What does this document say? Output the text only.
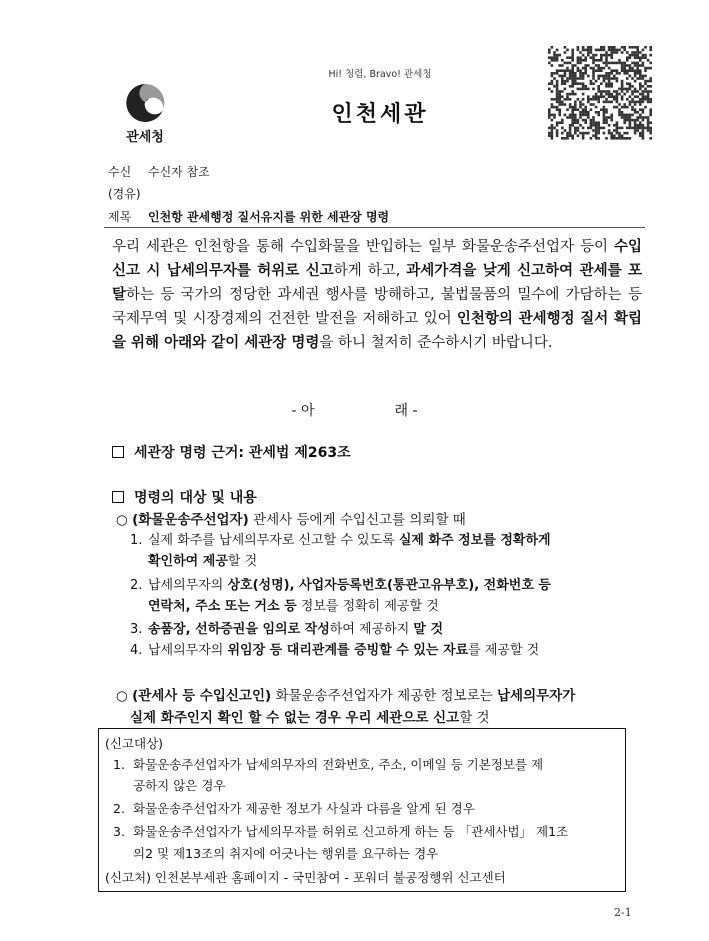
Hi! 청렴, Bravo! 관세청
인천세관
관세청
수신 수신자 참조
(경유)
제목 인천항 관세행정 질서유지를 위한 세관장 명령
우리 세관은 인천항을 통해 수입화물을 반입하는 일부 화물운송주선업자 등이 수입신고 시 납세의무자를 허위로 신고하게 하고, 과세가격을 낮게 신고하여 관세를 포탈하는 등 국가의 정당한 과세권 행사를 방해하고, 불법물품의 밀수에 가담하는 등 국제무역 및 시장경제의 건전한 발전을 저해하고 있어 인천항의 관세행정 질서 확립을 위해 아래와 같이 세관장 명령을 하니 철저히 준수하시기 바랍니다.
- 아	래 -
세관장 명령 근거: 관세법 제263조
명령의 대상 및 내용
○ (화물운송주선업자) 관세사 등에게 수입신고를 의뢰할 때
1. 실제 화주를 납세의무자로 신고할 수 있도록 실제 화주 정보를 정확하게
확인하여 제공할 것
2. 납세의무자의 상호(성명), 사업자등록번호(통관고유부호), 전화번호 등
연락처, 주소 또는 거소 등 정보를 정확히 제공할 것
3. 송품장, 선하증권을 임의로 작성하여 제공하지 말 것
4. 납세의무자의 위임장 등 대리관계를 증빙할 수 있는 자료를 제공할 것
○ (관세사 등 수입신고인) 화물운송주선업자가 제공한 정보로는 납세의무자가
실제 화주인지 확인 할 수 없는 경우 우리 세관으로 신고할 것
(신고대상)
1. 화물운송주선업자가 납세의무자의 전화번호, 주소, 이메일 등 기본정보를 제
공하지 않은 경우
2. 화물운송주선업자가 제공한 정보가 사실과 다름을 알게 된 경우
3. 화물운송주선업자가 납세의무자를 허위로 신고하게 하는 등 「관세사법」 제1조
의2 및 제13조의 취지에 어긋나는 행위를 요구하는 경우
(신고처) 인천본부세관 홈페이지 - 국민참여 - 포워더 불공정행위 신고센터
2-1
